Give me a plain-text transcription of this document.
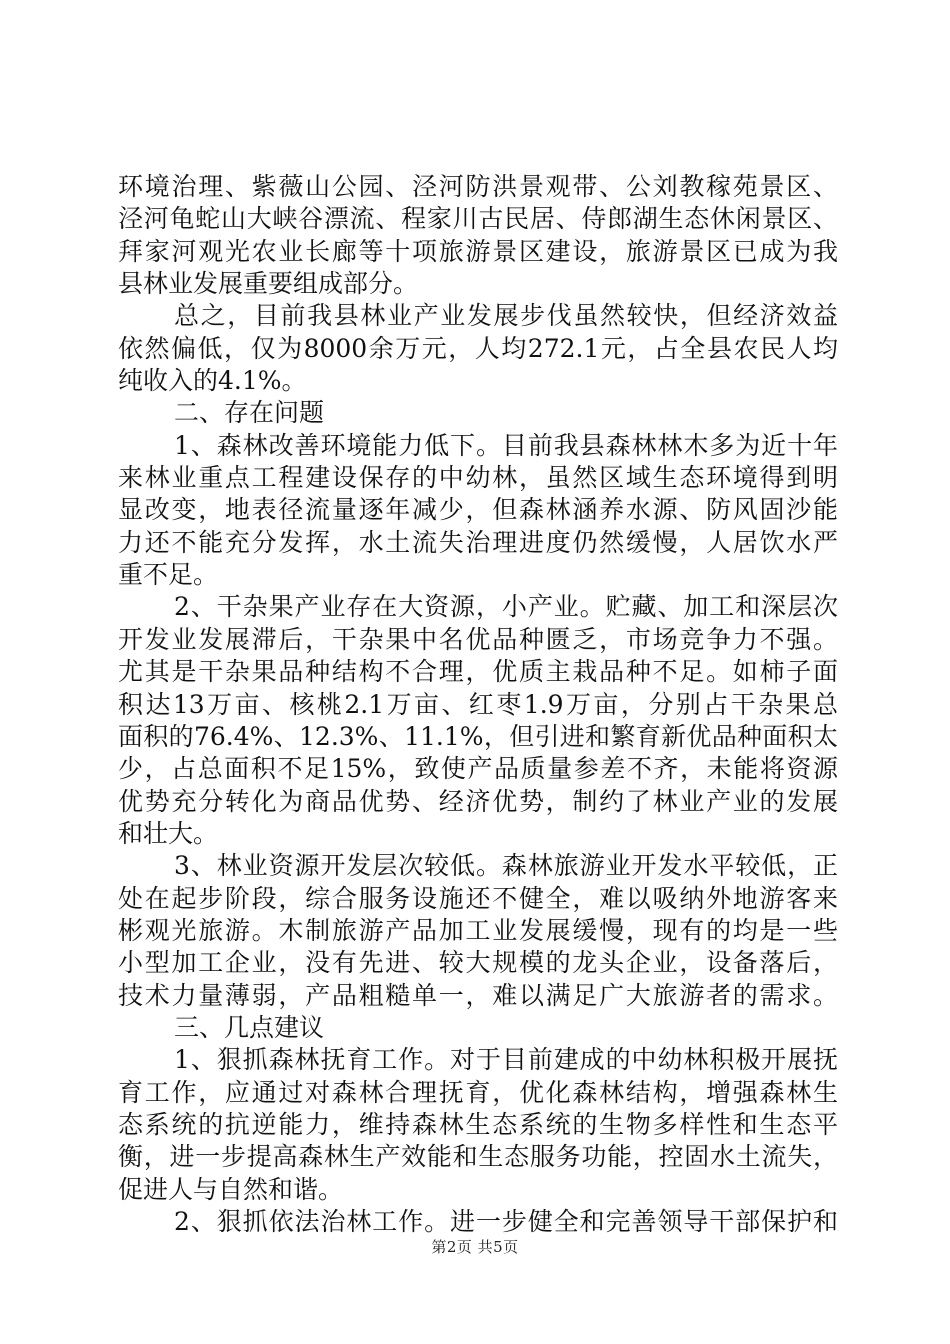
环境治理、紫薇山公园、泾河防洪景观带、公刘教稼苑景区、
泾河龟蛇山大峡谷漂流、程家川古民居、侍郎湖生态休闲景区、
拜家河观光农业长廊等十项旅游景区建设，旅游景区已成为我
县林业发展重要组成部分。
总之，目前我县林业产业发展步伐虽然较快，但经济效益
依然偏低，仅为8000余万元，人均272.1元，占全县农民人均
纯收入的4.1%。
二、存在问题
1、森林改善环境能力低下。目前我县森林林木多为近十年
来林业重点工程建设保存的中幼林，虽然区域生态环境得到明
显改变，地表径流量逐年减少，但森林涵养水源、防风固沙能
力还不能充分发挥，水土流失治理进度仍然缓慢，人居饮水严
重不足。
2、干杂果产业存在大资源，小产业。贮藏、加工和深层次
开发业发展滞后，干杂果中名优品种匮乏，市场竞争力不强。
尤其是干杂果品种结构不合理，优质主栽品种不足。如柿子面
积达13万亩、核桃2.1万亩、红枣1.9万亩，分别占干杂果总
面积的76.4%、12.3%、11.1%，但引进和繁育新优品种面积太
少，占总面积不足15%，致使产品质量参差不齐，未能将资源
优势充分转化为商品优势、经济优势，制约了林业产业的发展
和壮大。
3、林业资源开发层次较低。森林旅游业开发水平较低，正
处在起步阶段，综合服务设施还不健全，难以吸纳外地游客来
彬观光旅游。木制旅游产品加工业发展缓慢，现有的均是一些
小型加工企业，没有先进、较大规模的龙头企业，设备落后，
技术力量薄弱，产品粗糙单一，难以满足广大旅游者的需求。
三、几点建议
1、狠抓森林抚育工作。对于目前建成的中幼林积极开展抚
育工作，应通过对森林合理抚育，优化森林结构，增强森林生
态系统的抗逆能力，维持森林生态系统的生物多样性和生态平
衡，进一步提高森林生产效能和生态服务功能，控固水土流失，
促进人与自然和谐。
2、狠抓依法治林工作。进一步健全和完善领导干部保护和
第2页 共5页
